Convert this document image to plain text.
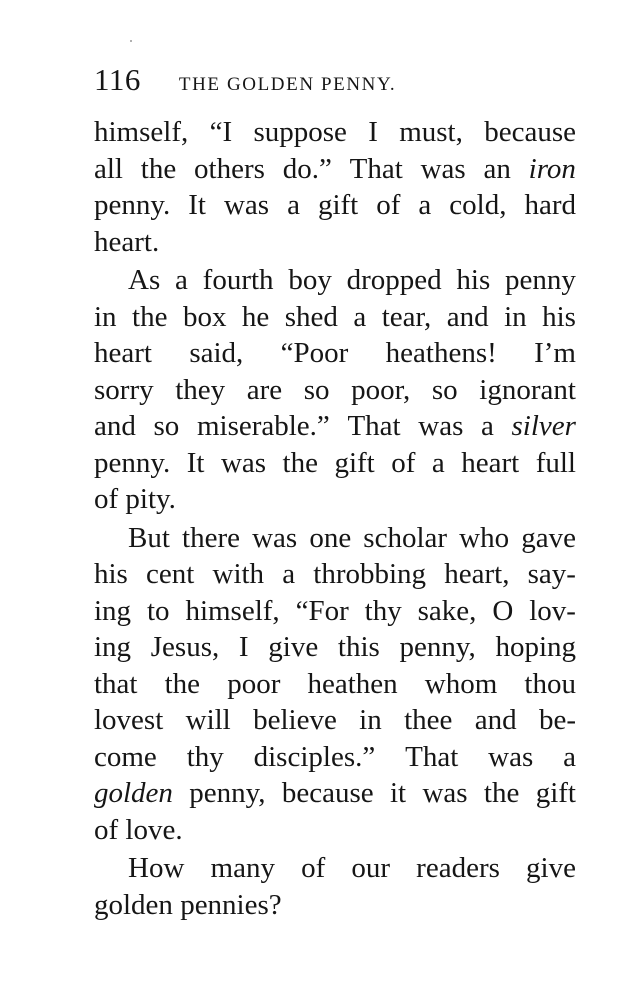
116 THE GOLDEN PENNY.
himself, “I suppose I must, because
all the others do.” That was an iron
penny. It was a gift of a cold, hard
heart.
As a fourth boy dropped his penny
in the box he shed a tear, and in his
heart said, “Poor heathens! I’m
sorry they are so poor, so ignorant
and so miserable.” That was a silver
penny. It was the gift of a heart full
of pity.
But there was one scholar who gave
his cent with a throbbing heart, say-
ing to himself, “For thy sake, O lov-
ing Jesus, I give this penny, hoping
that the poor heathen whom thou
lovest will believe in thee and be-
come thy disciples.” That was a
golden penny, because it was the gift
of love.
How many of our readers give
golden pennies?
